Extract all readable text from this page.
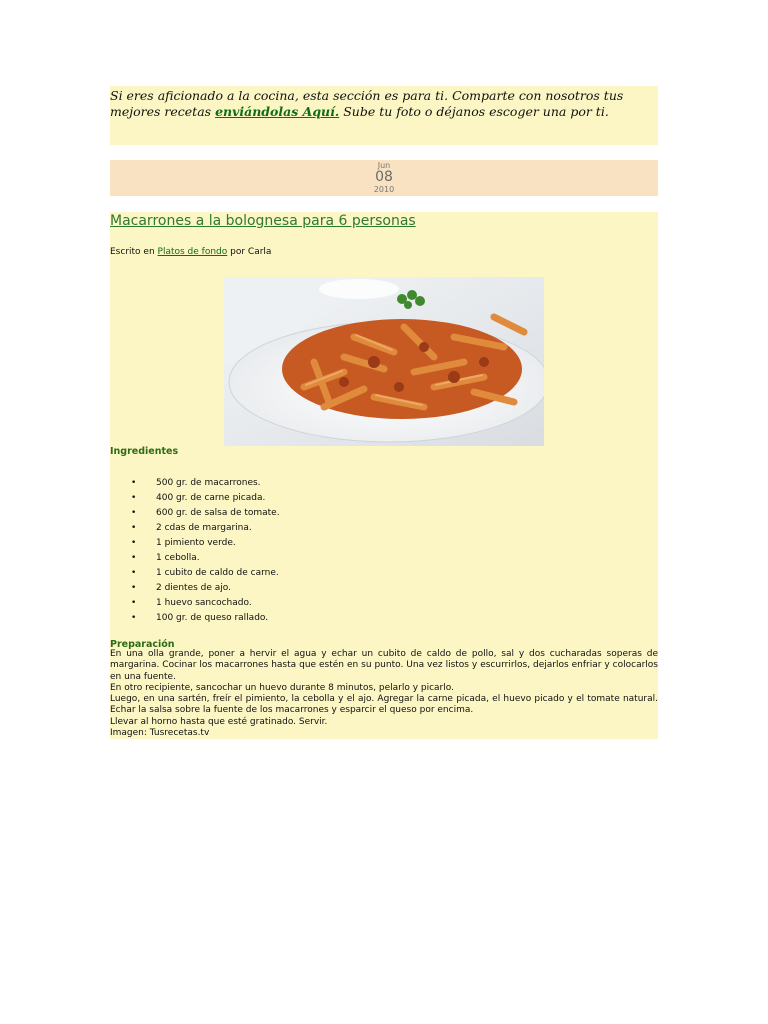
Si eres aficionado a la cocina, esta sección es para ti. Comparte con nosotros tus mejores recetas enviándolas Aquí. Sube tu foto o déjanos escoger una por ti.
Jun
08
2010
Macarrones a la bolognesa para 6 personas
Escrito en Platos de fondo por Carla
Ingredientes
• 500 gr. de macarrones.
• 400 gr. de carne picada.
• 600 gr. de salsa de tomate.
• 2 cdas de margarina.
• 1 pimiento verde.
• 1 cebolla.
• 1 cubito de caldo de carne.
• 2 dientes de ajo.
• 1 huevo sancochado.
• 100 gr. de queso rallado.
Preparación

En una olla grande, poner a hervir el agua y echar un cubito de caldo de pollo, sal y dos cucharadas soperas de margarina. Cocinar los macarrones hasta que estén en su punto. Una vez listos y escurrirlos, dejarlos enfriar y colocarlos en una fuente.

En otro recipiente, sancochar un huevo durante 8 minutos, pelarlo y picarlo.

Luego, en una sartén, freír el pimiento, la cebolla y el ajo. Agregar la carne picada, el huevo picado y el tomate natural. Echar la salsa sobre la fuente de los macarrones y esparcir el queso por encima.

Llevar al horno hasta que esté gratinado. Servir.

Imagen: Tusrecetas.tv
